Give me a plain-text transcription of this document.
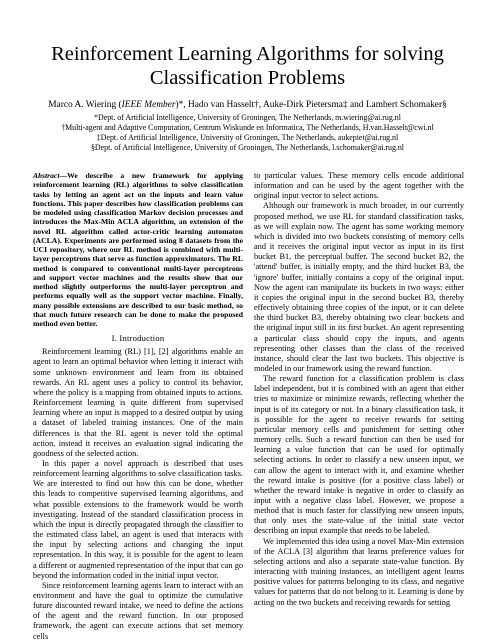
Reinforcement Learning Algorithms for solving Classification Problems
Marco A. Wiering (IEEE Member)*, Hado van Hasselt†, Auke-Dirk Pietersma‡ and Lambert Schomaker§
*Dept. of Artificial Intelligence, University of Groningen, The Netherlands, m.wiering@ai.rug.nl
†Multi-agent and Adaptive Computation, Centrum Wiskunde en Informatica, The Netherlands, H.van.Hasselt@cwi.nl
‡Dept. of Artificial Intelligence, University of Groningen, The Netherlands, aukepiet@ai.rug.nl
§Dept. of Artificial Intelligence, University of Groningen, The Netherlands, l.schomaker@ai.rug.nl

Abstract—We describe a new framework for applying reinforcement learning (RL) algorithms to solve classification tasks by letting an agent act on the inputs and learn value functions. This paper describes how classification problems can be modeled using classification Markov decision processes and introduces the Max-Min ACLA algorithm, an extension of the novel RL algorithm called actor-critic learning automaton (ACLA). Experiments are performed using 8 datasets from the UCI repository, where our RL method is combined with multi-layer perceptrons that serve as function approximators. The RL method is compared to conventional multi-layer perceptrons and support vector machines and the results show that our method slightly outperforms the multi-layer perceptron and performs equally well as the support vector machine. Finally, many possible extensions are described to our basic method, so that much future research can be done to make the proposed method even better.

I. Introduction

Reinforcement learning (RL) [1], [2] algorithms enable an agent to learn an optimal behavior when letting it interact with some unknown environment and learn from its obtained rewards. An RL agent uses a policy to control its behavior, where the policy is a mapping from obtained inputs to actions. Reinforcement learning is quite different from supervised learning where an input is mapped to a desired output by using a dataset of labeled training instances. One of the main differences is that the RL agent is never told the optimal action, instead it receives an evaluation signal indicating the goodness of the selected action.

In this paper a novel approach is described that uses reinforcement learning algorithms to solve classification tasks. We are interested to find out how this can be done, whether this leads to competitive supervised learning algorithms, and what possible extensions to the framework would be worth investigating. Instead of the standard classification process in which the input is directly propagated through the classifier to the estimated class label, an agent is used that interacts with the input by selecting actions and changing the input representation. In this way, it is possible for the agent to learn a different or augmented representation of the input that can go beyond the information coded in the initial input vector.

Since reinforcement learning agents learn to interact with an environment and have the goal to optimize the cumulative future discounted reward intake, we need to define the actions of the agent and the reward function. In our proposed framework, the agent can execute actions that set memory cells

to particular values. These memory cells encode additional information and can be used by the agent together with the original input vector to select actions.

Although our framework is much broader, in our currently proposed method, we use RL for standard classification tasks, as we will explain now. The agent has some working memory which is divided into two buckets consisting of memory cells and it receives the original input vector as input in its first bucket B1, the perceptual buffer. The second bucket B2, the 'attend' buffer, is initially empty, and the third bucket B3, the 'ignore' buffer, initially contains a copy of the original input. Now the agent can manipulate its buckets in two ways: either it copies the original input in the second bucket B3, thereby effectively obtaining three copies of the input, or it can delete the third bucket B3, thereby obtaining two clear buckets and the original input still in its first bucket. An agent representing a particular class should copy the inputs, and agents representing other classes than the class of the received instance, should clear the last two buckets. This objective is modeled in our framework using the reward function.

The reward function for a classification problem is class label independent, but it is combined with an agent that either tries to maximize or minimize rewards, reflecting whether the input is of its category or not. In a binary classification task, it is possible for the agent to receive rewards for setting particular memory cells and punishment for setting other memory cells. Such a reward function can then be used for learning a value function that can be used for optimally selecting actions. In order to classify a new unseen input, we can allow the agent to interact with it, and examine whether the reward intake is positive (for a positive class label) or whether the reward intake is negative in order to classify an input with a negative class label. However, we propose a method that is much faster for classifying new unseen inputs, that only uses the state-value of the initial state vector describing an input example that needs to be labeled.

We implemented this idea using a novel Max-Min extension of the ACLA [3] algorithm that learns preference values for selecting actions and also a separate state-value function. By interacting with training instances, an intelligent agent learns positive values for patterns belonging to its class, and negative values for patterns that do not belong to it. Learning is done by acting on the two buckets and receiving rewards for setting
